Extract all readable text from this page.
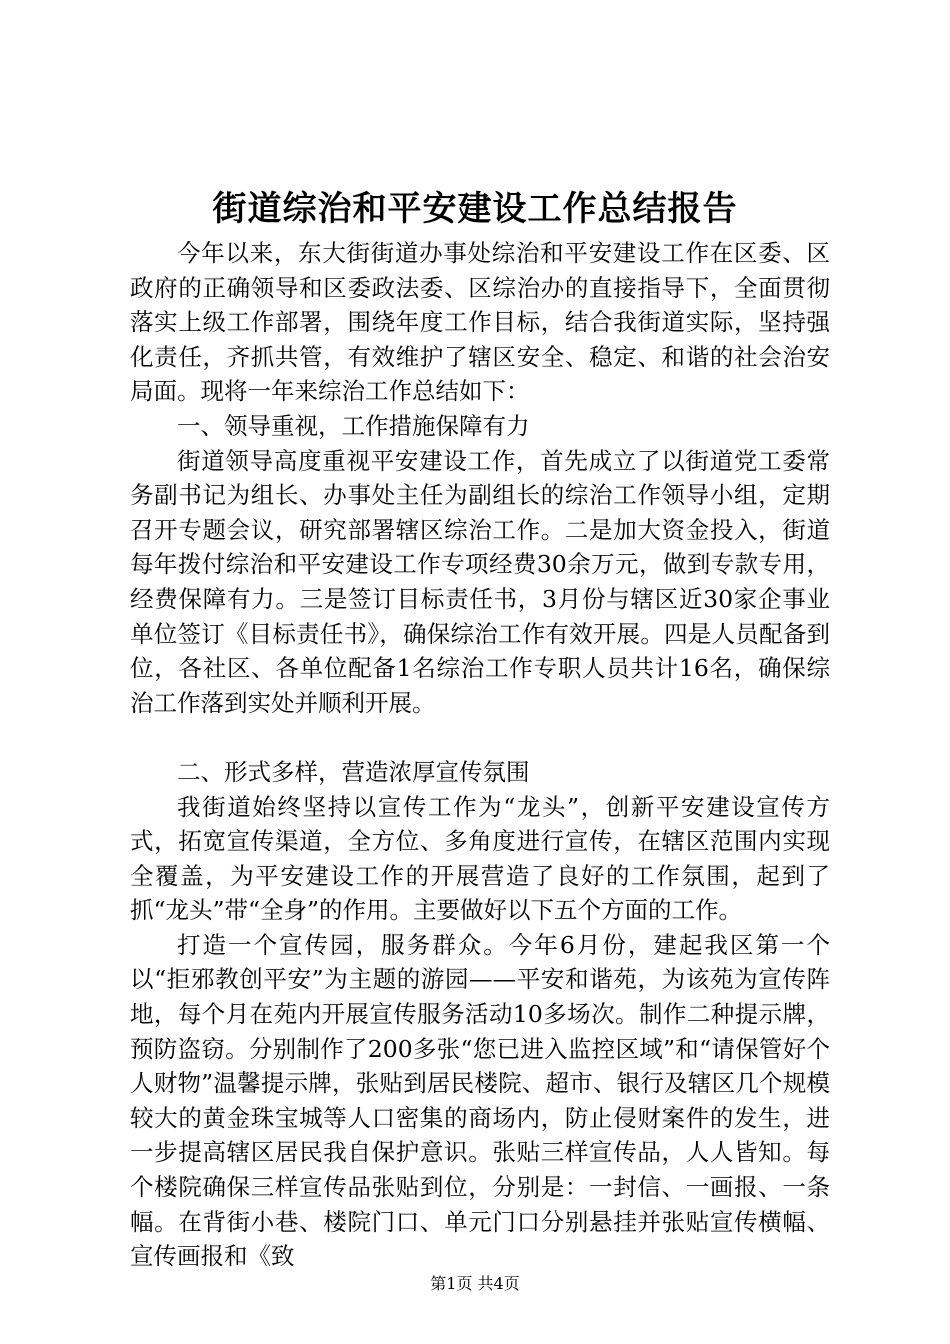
街道综治和平安建设工作总结报告

今年以来，东大街街道办事处综治和平安建设工作在区委、区政府的正确领导和区委政法委、区综治办的直接指导下，全面贯彻落实上级工作部署，围绕年度工作目标，结合我街道实际，坚持强化责任，齐抓共管，有效维护了辖区安全、稳定、和谐的社会治安局面。现将一年来综治工作总结如下：

一、领导重视，工作措施保障有力

街道领导高度重视平安建设工作，首先成立了以街道党工委常务副书记为组长、办事处主任为副组长的综治工作领导小组，定期召开专题会议，研究部署辖区综治工作。二是加大资金投入，街道每年拨付综治和平安建设工作专项经费30余万元，做到专款专用，经费保障有力。三是签订目标责任书，3月份与辖区近30家企事业单位签订《目标责任书》，确保综治工作有效开展。四是人员配备到位，各社区、各单位配备1名综治工作专职人员共计16名，确保综治工作落到实处并顺利开展。

二、形式多样，营造浓厚宣传氛围

我街道始终坚持以宣传工作为“龙头”，创新平安建设宣传方式，拓宽宣传渠道，全方位、多角度进行宣传，在辖区范围内实现全覆盖，为平安建设工作的开展营造了良好的工作氛围，起到了抓“龙头”带“全身”的作用。主要做好以下五个方面的工作。

打造一个宣传园，服务群众。今年6月份，建起我区第一个以“拒邪教创平安”为主题的游园——平安和谐苑，为该苑为宣传阵地，每个月在苑内开展宣传服务活动10多场次。制作二种提示牌，预防盗窃。分别制作了200多张“您已进入监控区域”和“请保管好个人财物”温馨提示牌，张贴到居民楼院、超市、银行及辖区几个规模较大的黄金珠宝城等人口密集的商场内，防止侵财案件的发生，进一步提高辖区居民我自保护意识。张贴三样宣传品，人人皆知。每个楼院确保三样宣传品张贴到位，分别是：一封信、一画报、一条幅。在背街小巷、楼院门口、单元门口分别悬挂并张贴宣传横幅、宣传画报和《致

第1页 共4页
